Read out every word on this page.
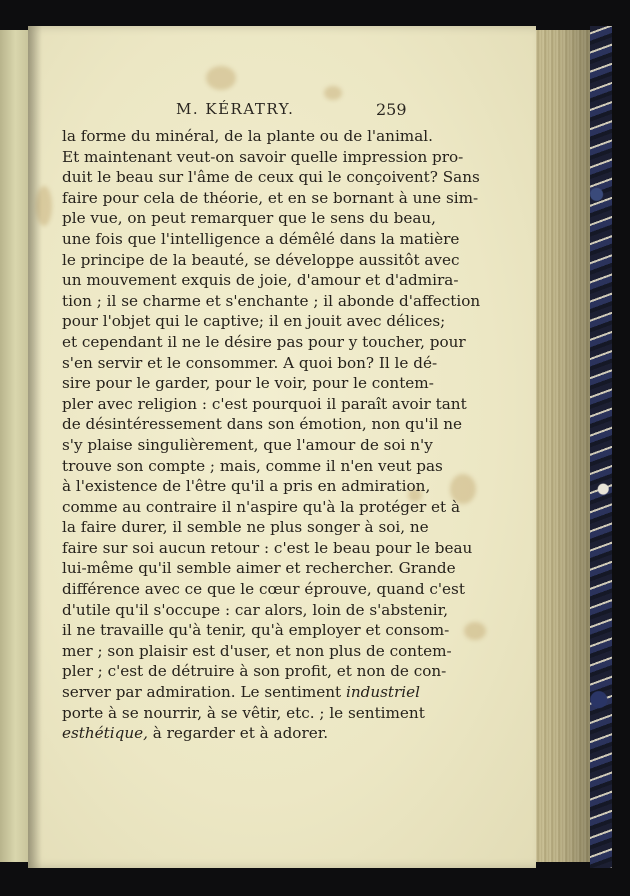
M. KÉRATRY.	259
la forme du minéral, de la plante ou de l'animal.
Et maintenant veut-on savoir quelle impression pro-
duit le beau sur l'âme de ceux qui le conçoivent? Sans
faire pour cela de théorie, et en se bornant à une sim-
ple vue, on peut remarquer que le sens du beau,
une fois que l'intelligence a démêlé dans la matière
le principe de la beauté, se développe aussitôt avec
un mouvement exquis de joie, d'amour et d'admira-
tion ; il se charme et s'enchante ; il abonde d'affection
pour l'objet qui le captive; il en jouit avec délices;
et cependant il ne le désire pas pour y toucher, pour
s'en servir et le consommer. A quoi bon? Il le dé-
sire pour le garder, pour le voir, pour le contem-
pler avec religion : c'est pourquoi il paraît avoir tant
de désintéressement dans son émotion, non qu'il ne
s'y plaise singulièrement, que l'amour de soi n'y
trouve son compte ; mais, comme il n'en veut pas
à l'existence de l'être qu'il a pris en admiration,
comme au contraire il n'aspire qu'à la protéger et à
la faire durer, il semble ne plus songer à soi, ne
faire sur soi aucun retour : c'est le beau pour le beau
lui-même qu'il semble aimer et rechercher. Grande
différence avec ce que le cœur éprouve, quand c'est
d'utile qu'il s'occupe : car alors, loin de s'abstenir,
il ne travaille qu'à tenir, qu'à employer et consom-
mer ; son plaisir est d'user, et non plus de contem-
pler ; c'est de détruire à son profit, et non de con-
server par admiration. Le sentiment industriel
porte à se nourrir, à se vêtir, etc. ; le sentiment
esthétique, à regarder et à adorer.
